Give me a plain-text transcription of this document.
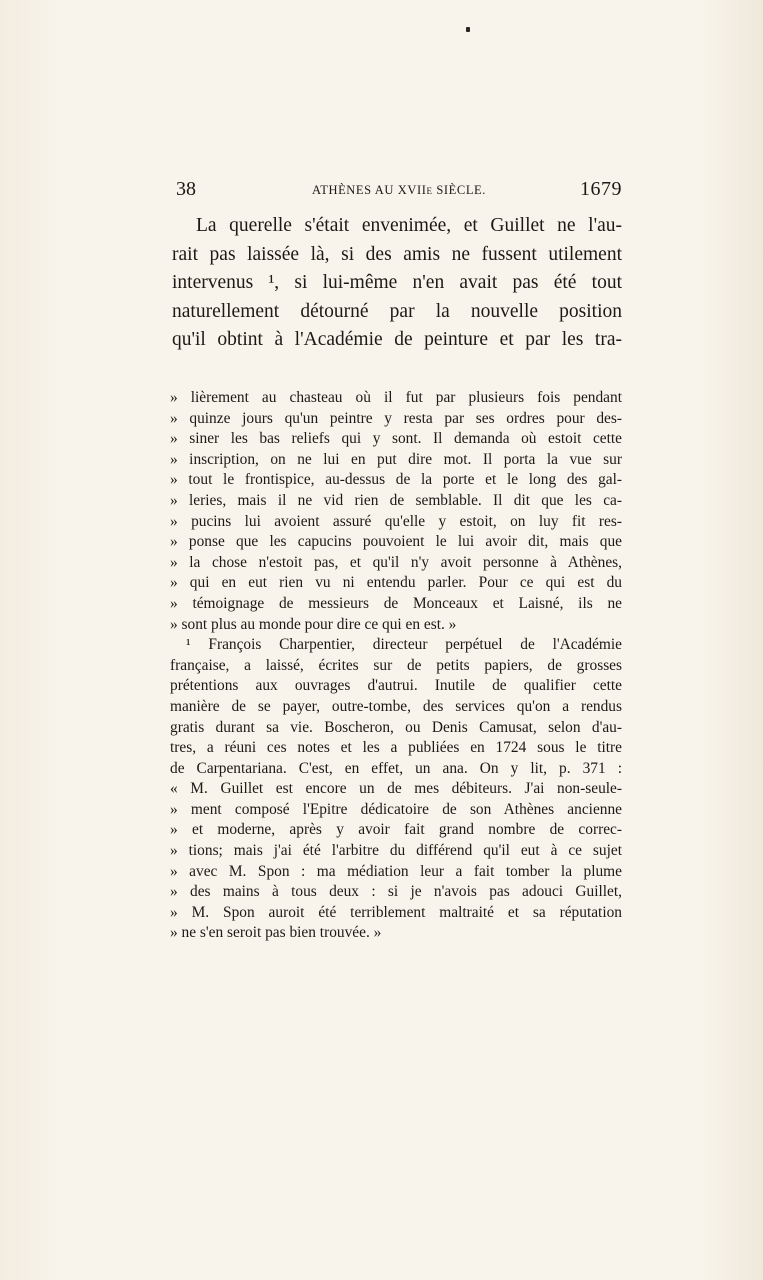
38	ATHÈNES AU XVIIe SIÈCLE.	1679
La querelle s'était envenimée, et Guillet ne l'au-
rait pas laissée là, si des amis ne fussent utilement
intervenus ¹, si lui-même n'en avait pas été tout
naturellement détourné par la nouvelle position
qu'il obtint à l'Académie de peinture et par les tra-
» lièrement au chasteau où il fut par plusieurs fois pendant
» quinze jours qu'un peintre y resta par ses ordres pour des-
» siner les bas reliefs qui y sont. Il demanda où estoit cette
» inscription, on ne lui en put dire mot. Il porta la vue sur
» tout le frontispice, au-dessus de la porte et le long des gal-
» leries, mais il ne vid rien de semblable. Il dit que les ca-
» pucins lui avoient assuré qu'elle y estoit, on luy fit res-
» ponse que les capucins pouvoient le lui avoir dit, mais que
» la chose n'estoit pas, et qu'il n'y avoit personne à Athènes,
» qui en eut rien vu ni entendu parler. Pour ce qui est du
» témoignage de messieurs de Monceaux et Laisné, ils ne
» sont plus au monde pour dire ce qui en est. »
¹ François Charpentier, directeur perpétuel de l'Académie
française, a laissé, écrites sur de petits papiers, de grosses
prétentions aux ouvrages d'autrui. Inutile de qualifier cette
manière de se payer, outre-tombe, des services qu'on a rendus
gratis durant sa vie. Boscheron, ou Denis Camusat, selon d'au-
tres, a réuni ces notes et les a publiées en 1724 sous le titre
de Carpentariana. C'est, en effet, un ana. On y lit, p. 371 :
« M. Guillet est encore un de mes débiteurs. J'ai non-seule-
» ment composé l'Epitre dédicatoire de son Athènes ancienne
» et moderne, après y avoir fait grand nombre de correc-
» tions; mais j'ai été l'arbitre du différend qu'il eut à ce sujet
» avec M. Spon : ma médiation leur a fait tomber la plume
» des mains à tous deux : si je n'avois pas adouci Guillet,
» M. Spon auroit été terriblement maltraité et sa réputation
» ne s'en seroit pas bien trouvée. »
